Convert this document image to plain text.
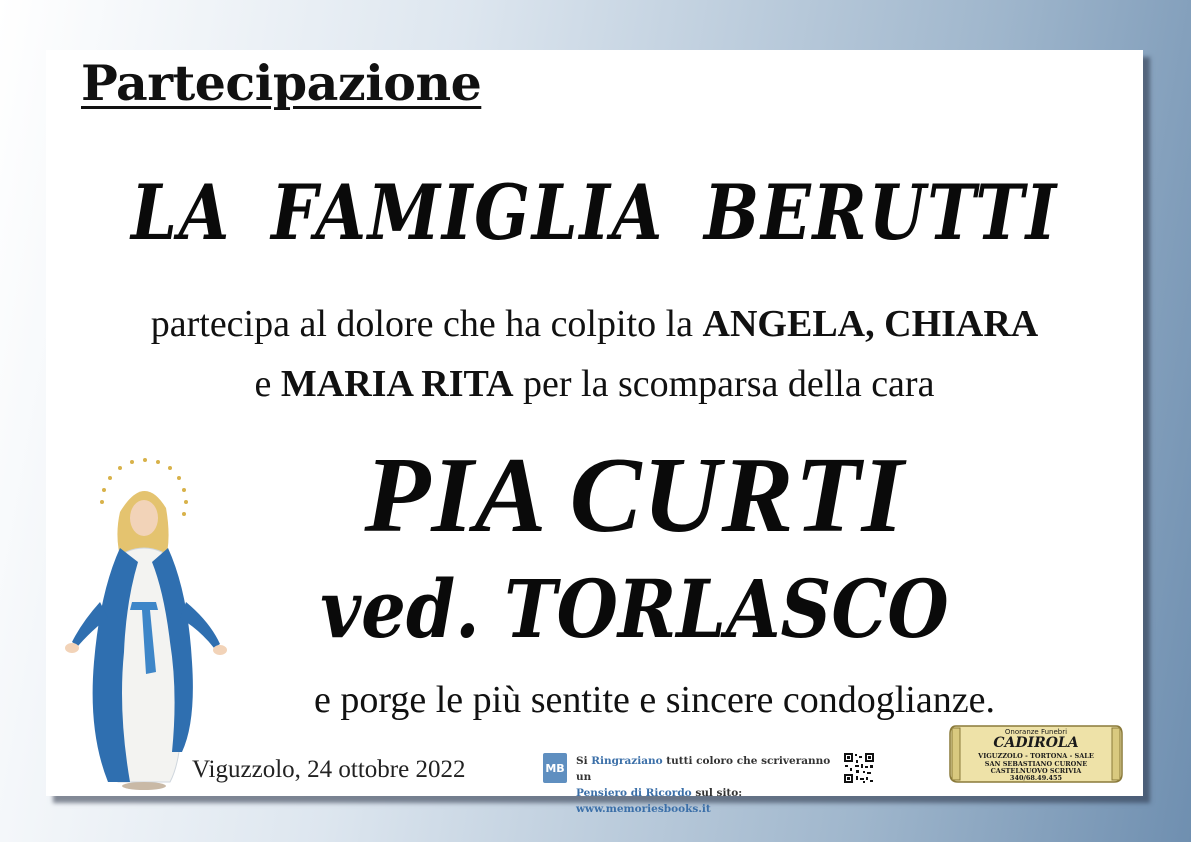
Partecipazione
LA FAMIGLIA BERUTTI
partecipa al dolore che ha colpito la ANGELA, CHIARA
e MARIA RITA per la scomparsa della cara
PIA CURTI
ved. TORLASCO
e porge le più sentite e sincere condoglianze.
Viguzzolo, 24 ottobre 2022	MB
Si Ringraziano tutti coloro che scriveranno un
Pensiero di Ricordo sul sito: www.memoriesbooks.it
Onoranze Funebri
CADIROLA
VIGUZZOLO - TORTONA - SALE
SAN SEBASTIANO CURONE
CASTELNUOVO SCRIVIA
340/68.49.455
